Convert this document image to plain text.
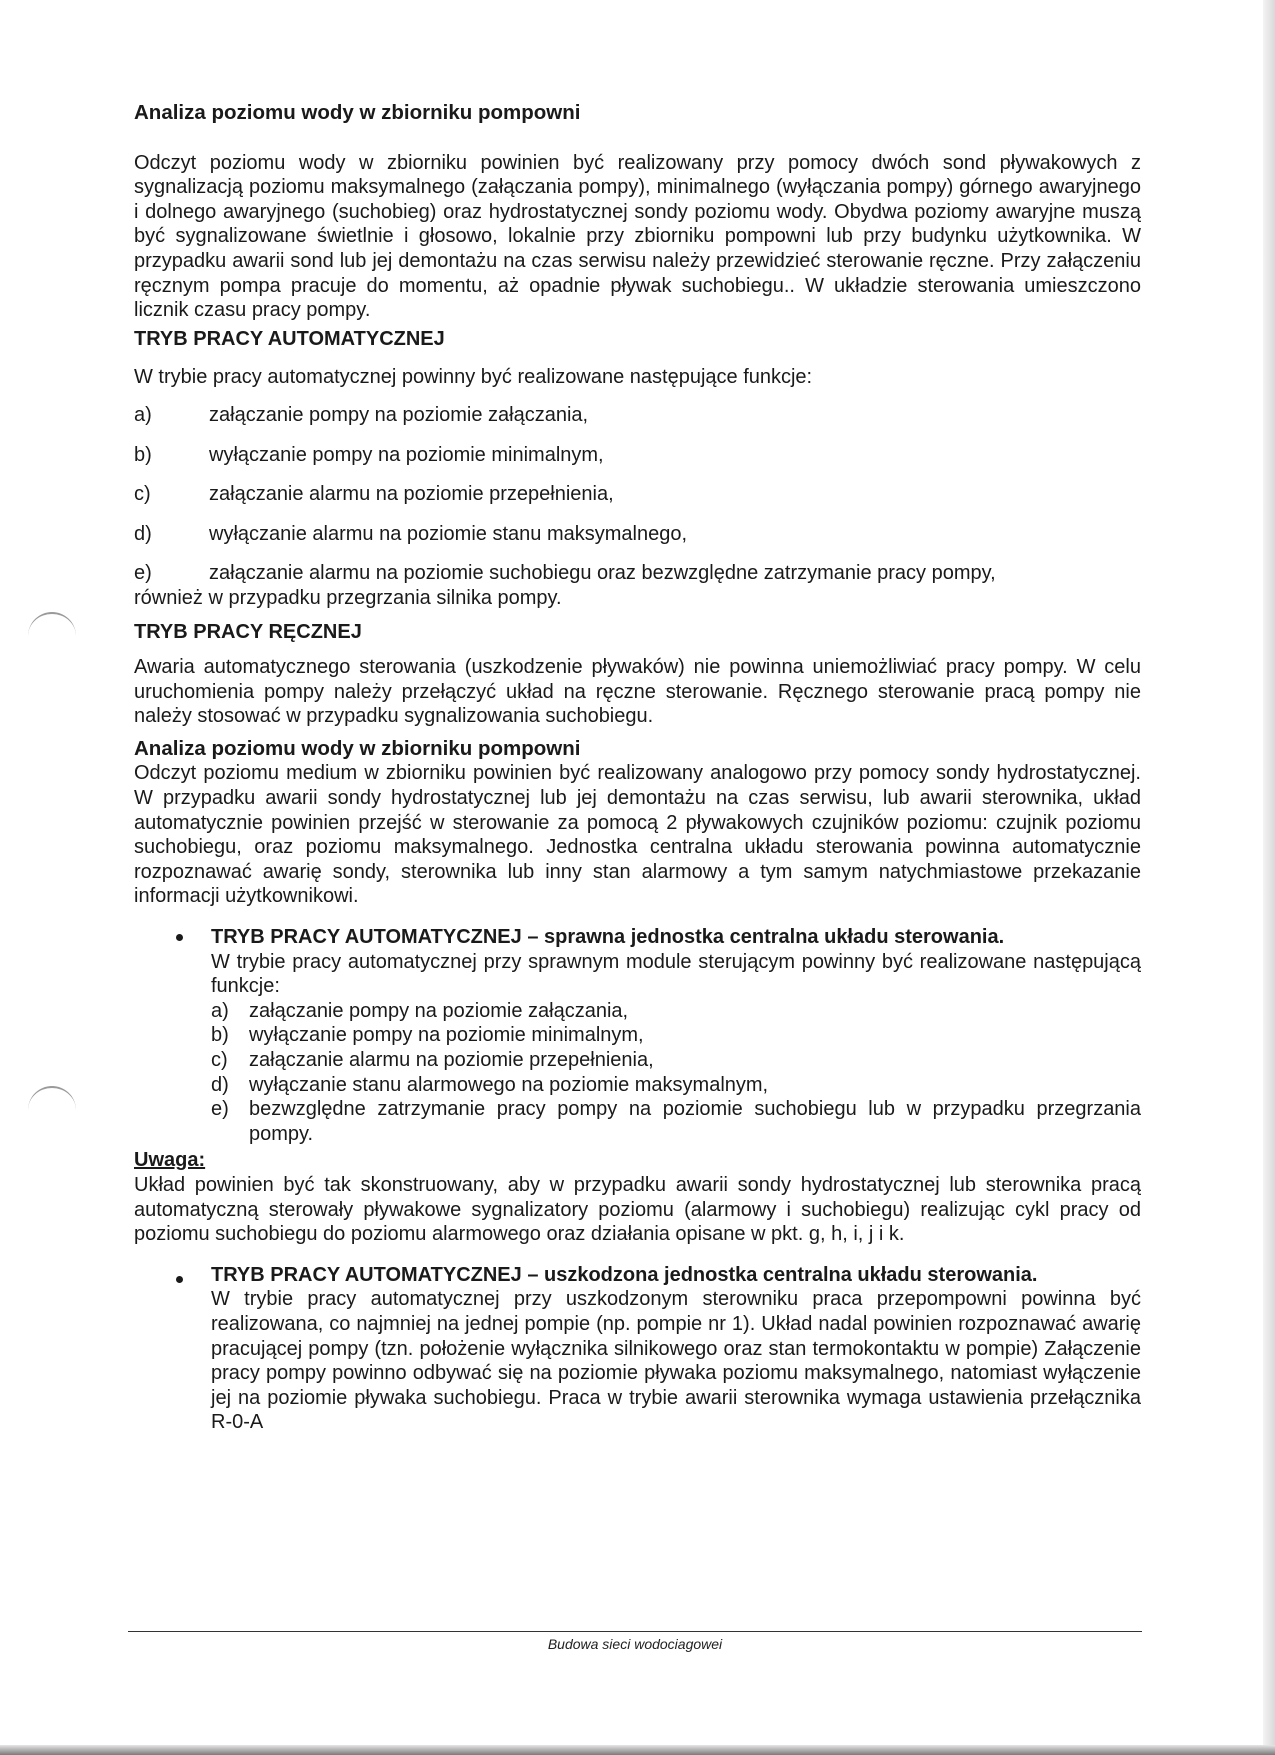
Analiza poziomu wody w zbiorniku pompowni

Odczyt poziomu wody w zbiorniku powinien być realizowany przy pomocy dwóch sond pływakowych z sygnalizacją poziomu maksymalnego (załączania pompy), minimalnego (wyłączania pompy) górnego awaryjnego i dolnego awaryjnego (suchobieg) oraz hydrostatycznej sondy poziomu wody. Obydwa poziomy awaryjne muszą być sygnalizowane świetlnie i głosowo, lokalnie przy zbiorniku pompowni lub przy budynku użytkownika. W przypadku awarii sond lub jej demontażu na czas serwisu należy przewidzieć sterowanie ręczne. Przy załączeniu ręcznym pompa pracuje do momentu, aż opadnie pływak suchobiegu.. W układzie sterowania umieszczono licznik czasu pracy pompy.

TRYB PRACY AUTOMATYCZNEJ

W trybie pracy automatycznej powinny być realizowane następujące funkcje:

a)	załączanie pompy na poziomie załączania,
b)	wyłączanie pompy na poziomie minimalnym,
c)	załączanie alarmu na poziomie przepełnienia,
d)	wyłączanie alarmu na poziomie stanu maksymalnego,
e)	załączanie alarmu na poziomie suchobiegu oraz bezwzględne zatrzymanie pracy pompy,

również w przypadku przegrzania silnika pompy.

TRYB PRACY RĘCZNEJ

Awaria automatycznego sterowania (uszkodzenie pływaków) nie powinna uniemożliwiać pracy pompy. W celu uruchomienia pompy należy przełączyć układ na ręczne sterowanie. Ręcznego sterowanie pracą pompy nie należy stosować w przypadku sygnalizowania suchobiegu.

Analiza poziomu wody w zbiorniku pompowni

Odczyt poziomu medium w zbiorniku powinien być realizowany analogowo przy pomocy sondy hydrostatycznej. W przypadku awarii sondy hydrostatycznej lub jej demontażu na czas serwisu, lub awarii sterownika, układ automatycznie powinien przejść w sterowanie za pomocą 2 pływakowych czujników poziomu: czujnik poziomu suchobiegu, oraz poziomu maksymalnego. Jednostka centralna układu sterowania powinna automatycznie rozpoznawać awarię sondy, sterownika lub inny stan alarmowy a tym samym natychmiastowe przekazanie informacji użytkownikowi.

TRYB PRACY AUTOMATYCZNEJ – sprawna jednostka centralna układu sterowania.

W trybie pracy automatycznej przy sprawnym module sterującym powinny być realizowane następującą funkcje:

a)	załączanie pompy na poziomie załączania,
b)	wyłączanie pompy na poziomie minimalnym,
c)	załączanie alarmu na poziomie przepełnienia,
d)	wyłączanie stanu alarmowego na poziomie maksymalnym,
e)	bezwzględne zatrzymanie pracy pompy na poziomie suchobiegu lub w przypadku przegrzania pompy.

Uwaga:

Układ powinien być tak skonstruowany, aby w przypadku awarii sondy hydrostatycznej lub sterownika pracą automatyczną sterowały pływakowe sygnalizatory poziomu (alarmowy i suchobiegu) realizując cykl pracy od poziomu suchobiegu do poziomu alarmowego oraz działania opisane w pkt. g, h, i, j i k.

TRYB PRACY AUTOMATYCZNEJ – uszkodzona jednostka centralna układu sterowania.

W trybie pracy automatycznej przy uszkodzonym sterowniku praca przepompowni powinna być realizowana, co najmniej na jednej pompie (np. pompie nr 1). Układ nadal powinien rozpoznawać awarię pracującej pompy (tzn. położenie wyłącznika silnikowego oraz stan termokontaktu w pompie) Załączenie pracy pompy powinno odbywać się na poziomie pływaka poziomu maksymalnego, natomiast wyłączenie jej na poziomie pływaka suchobiegu. Praca w trybie awarii sterownika wymaga ustawienia przełącznika R-0-A

Budowa sieci wodociagowei
